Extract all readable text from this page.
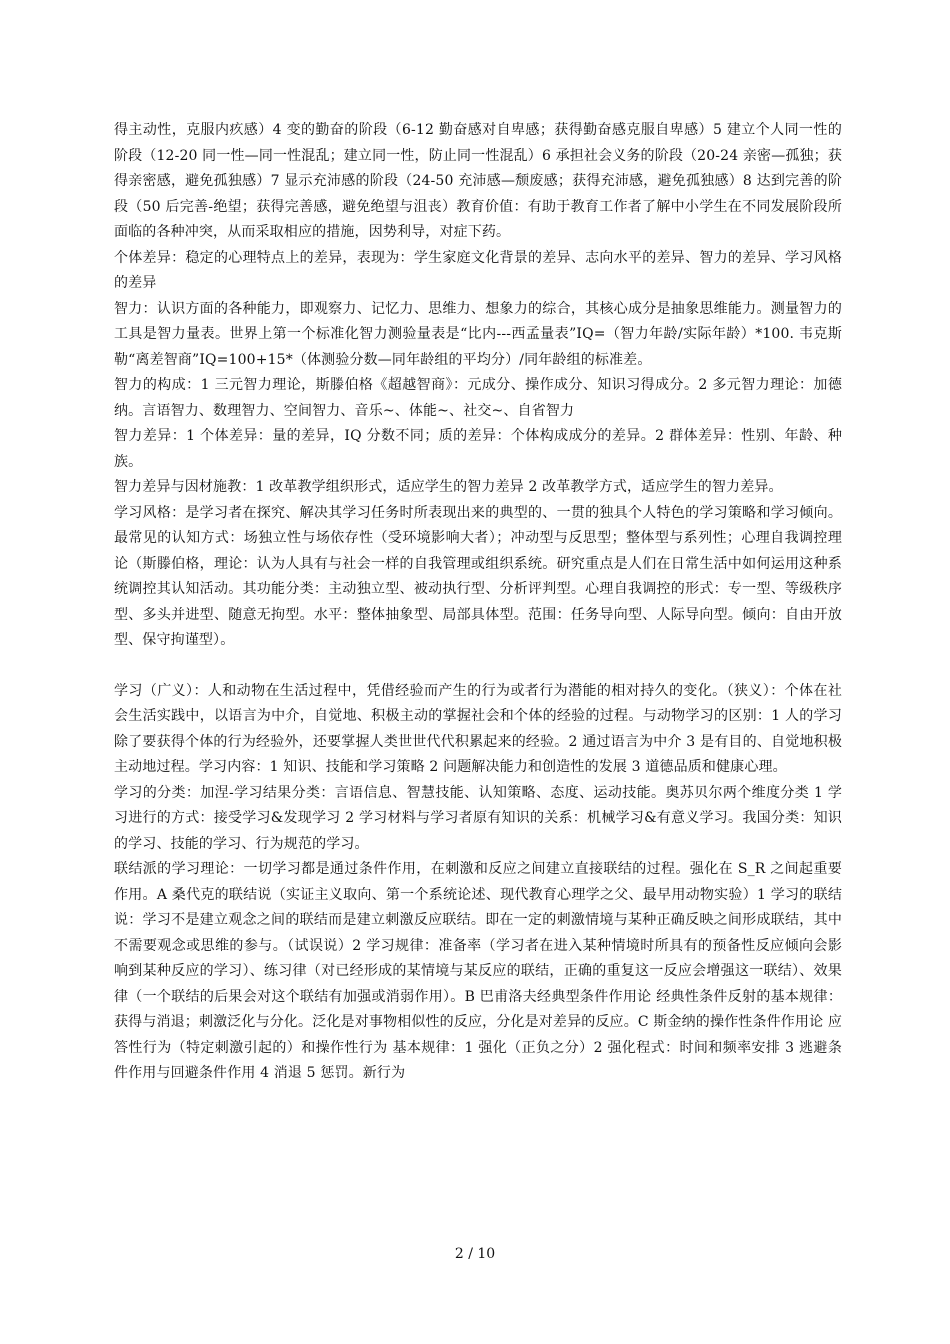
得主动性，克服内疚感）4 变的勤奋的阶段（6-12 勤奋感对自卑感；获得勤奋感克服自卑感）5 建立个人同一性的阶段（12-20 同一性—同一性混乱；建立同一性，防止同一性混乱）6 承担社会义务的阶段（20-24 亲密—孤独；获得亲密感，避免孤独感）7 显示充沛感的阶段（24-50 充沛感—颓废感；获得充沛感，避免孤独感）8 达到完善的阶段（50 后完善-绝望；获得完善感，避免绝望与沮丧）教育价值：有助于教育工作者了解中小学生在不同发展阶段所面临的各种冲突，从而采取相应的措施，因势利导，对症下药。

个体差异：稳定的心理特点上的差异，表现为：学生家庭文化背景的差异、志向水平的差异、智力的差异、学习风格的差异

智力：认识方面的各种能力，即观察力、记忆力、思维力、想象力的综合，其核心成分是抽象思维能力。测量智力的工具是智力量表。世界上第一个标准化智力测验量表是“比内---西孟量表”IQ=（智力年龄/实际年龄）*100. 韦克斯勒“离差智商”IQ=100+15*（体测验分数—同年龄组的平均分）/同年龄组的标准差。

智力的构成：1 三元智力理论，斯滕伯格《超越智商》：元成分、操作成分、知识习得成分。2 多元智力理论：加德纳。言语智力、数理智力、空间智力、音乐~、体能~、社交~、自省智力

智力差异：1 个体差异：量的差异，IQ 分数不同；质的差异：个体构成成分的差异。2 群体差异：性别、年龄、种族。

智力差异与因材施教：1 改革教学组织形式，适应学生的智力差异 2 改革教学方式，适应学生的智力差异。

学习风格：是学习者在探究、解决其学习任务时所表现出来的典型的、一贯的独具个人特色的学习策略和学习倾向。最常见的认知方式：场独立性与场依存性（受环境影响大者）；冲动型与反思型；整体型与系列性；心理自我调控理论（斯滕伯格，理论：认为人具有与社会一样的自我管理或组织系统。研究重点是人们在日常生活中如何运用这种系统调控其认知活动。其功能分类：主动独立型、被动执行型、分析评判型。心理自我调控的形式：专一型、等级秩序型、多头并进型、随意无拘型。水平：整体抽象型、局部具体型。范围：任务导向型、人际导向型。倾向：自由开放型、保守拘谨型）。

学习（广义）：人和动物在生活过程中，凭借经验而产生的行为或者行为潜能的相对持久的变化。（狭义）：个体在社会生活实践中，以语言为中介，自觉地、积极主动的掌握社会和个体的经验的过程。与动物学习的区别：1 人的学习除了要获得个体的行为经验外，还要掌握人类世世代代积累起来的经验。2 通过语言为中介 3 是有目的、自觉地积极主动地过程。学习内容：1 知识、技能和学习策略 2 问题解决能力和创造性的发展 3 道德品质和健康心理。

学习的分类：加涅-学习结果分类：言语信息、智慧技能、认知策略、态度、运动技能。奥苏贝尔两个维度分类 1 学习进行的方式：接受学习&发现学习 2 学习材料与学习者原有知识的关系：机械学习&有意义学习。我国分类：知识的学习、技能的学习、行为规范的学习。

联结派的学习理论：一切学习都是通过条件作用，在刺激和反应之间建立直接联结的过程。强化在 S_R 之间起重要作用。A 桑代克的联结说（实证主义取向、第一个系统论述、现代教育心理学之父、最早用动物实验）1 学习的联结说：学习不是建立观念之间的联结而是建立刺激反应联结。即在一定的刺激情境与某种正确反映之间形成联结，其中不需要观念或思维的参与。（试误说）2 学习规律：准备率（学习者在进入某种情境时所具有的预备性反应倾向会影响到某种反应的学习）、练习律（对已经形成的某情境与某反应的联结，正确的重复这一反应会增强这一联结）、效果律（一个联结的后果会对这个联结有加强或消弱作用）。B 巴甫洛夫经典型条件作用论 经典性条件反射的基本规律：获得与消退；刺激泛化与分化。泛化是对事物相似性的反应，分化是对差异的反应。C 斯金纳的操作性条件作用论 应答性行为（特定刺激引起的）和操作性行为 基本规律：1 强化（正负之分）2 强化程式：时间和频率安排 3 逃避条件作用与回避条件作用 4 消退 5 惩罚。新行为

2 / 10
